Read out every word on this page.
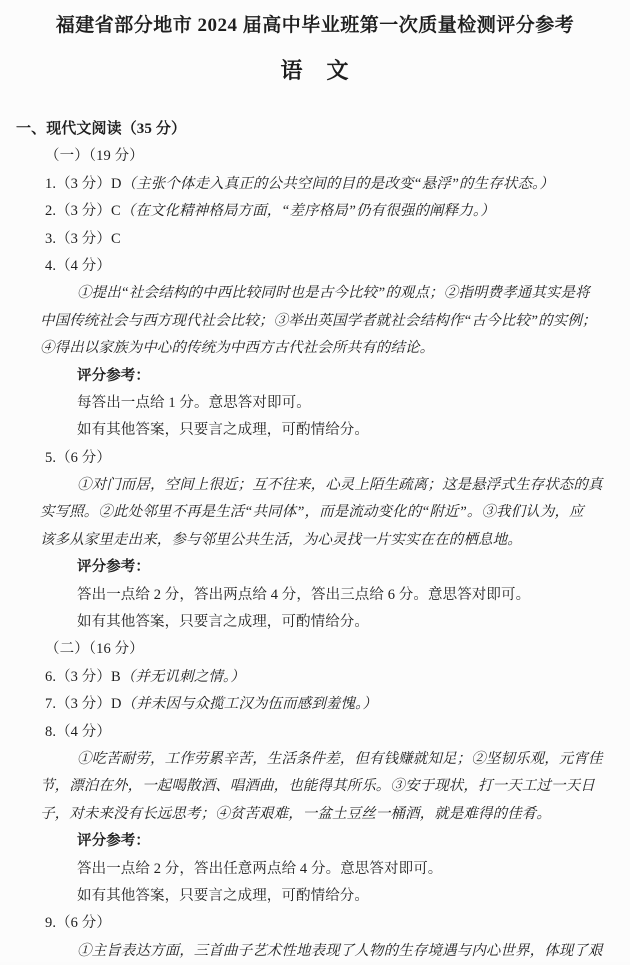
福建省部分地市 2024 届高中毕业班第一次质量检测评分参考
语　文
一、现代文阅读（35 分）
（一）（19 分）
1.（3 分）D（主张个体走入真正的公共空间的目的是改变“悬浮”的生存状态。）
2.（3 分）C（在文化精神格局方面，“差序格局”仍有很强的阐释力。）
3.（3 分）C
4.（4 分）
①提出“社会结构的中西比较同时也是古今比较”的观点；②指明费孝通其实是将
中国传统社会与西方现代社会比较；③举出英国学者就社会结构作“古今比较”的实例；
④得出以家族为中心的传统为中西方古代社会所共有的结论。
评分参考：
每答出一点给 1 分。意思答对即可。
如有其他答案，只要言之成理，可酌情给分。
5.（6 分）
①对门而居，空间上很近；互不往来，心灵上陌生疏离；这是悬浮式生存状态的真
实写照。②此处邻里不再是生活“共同体”，而是流动变化的“附近”。③我们认为，应
该多从家里走出来，参与邻里公共生活，为心灵找一片实实在在的栖息地。
评分参考：
答出一点给 2 分，答出两点给 4 分，答出三点给 6 分。意思答对即可。
如有其他答案，只要言之成理，可酌情给分。
（二）（16 分）
6.（3 分）B（并无讥刺之情。）
7.（3 分）D（并未因与众揽工汉为伍而感到羞愧。）
8.（4 分）
①吃苦耐劳，工作劳累辛苦，生活条件差，但有钱赚就知足；②坚韧乐观，元宵佳
节，漂泊在外，一起喝散酒、唱酒曲，也能得其所乐。③安于现状，打一天工过一天日
子，对未来没有长远思考；④贫苦艰难，一盆土豆丝一桶酒，就是难得的佳肴。
评分参考：
答出一点给 2 分，答出任意两点给 4 分。意思答对即可。
如有其他答案，只要言之成理，可酌情给分。
9.（6 分）
①主旨表达方面，三首曲子艺术性地表现了人物的生存境遇与内心世界，体现了艰
